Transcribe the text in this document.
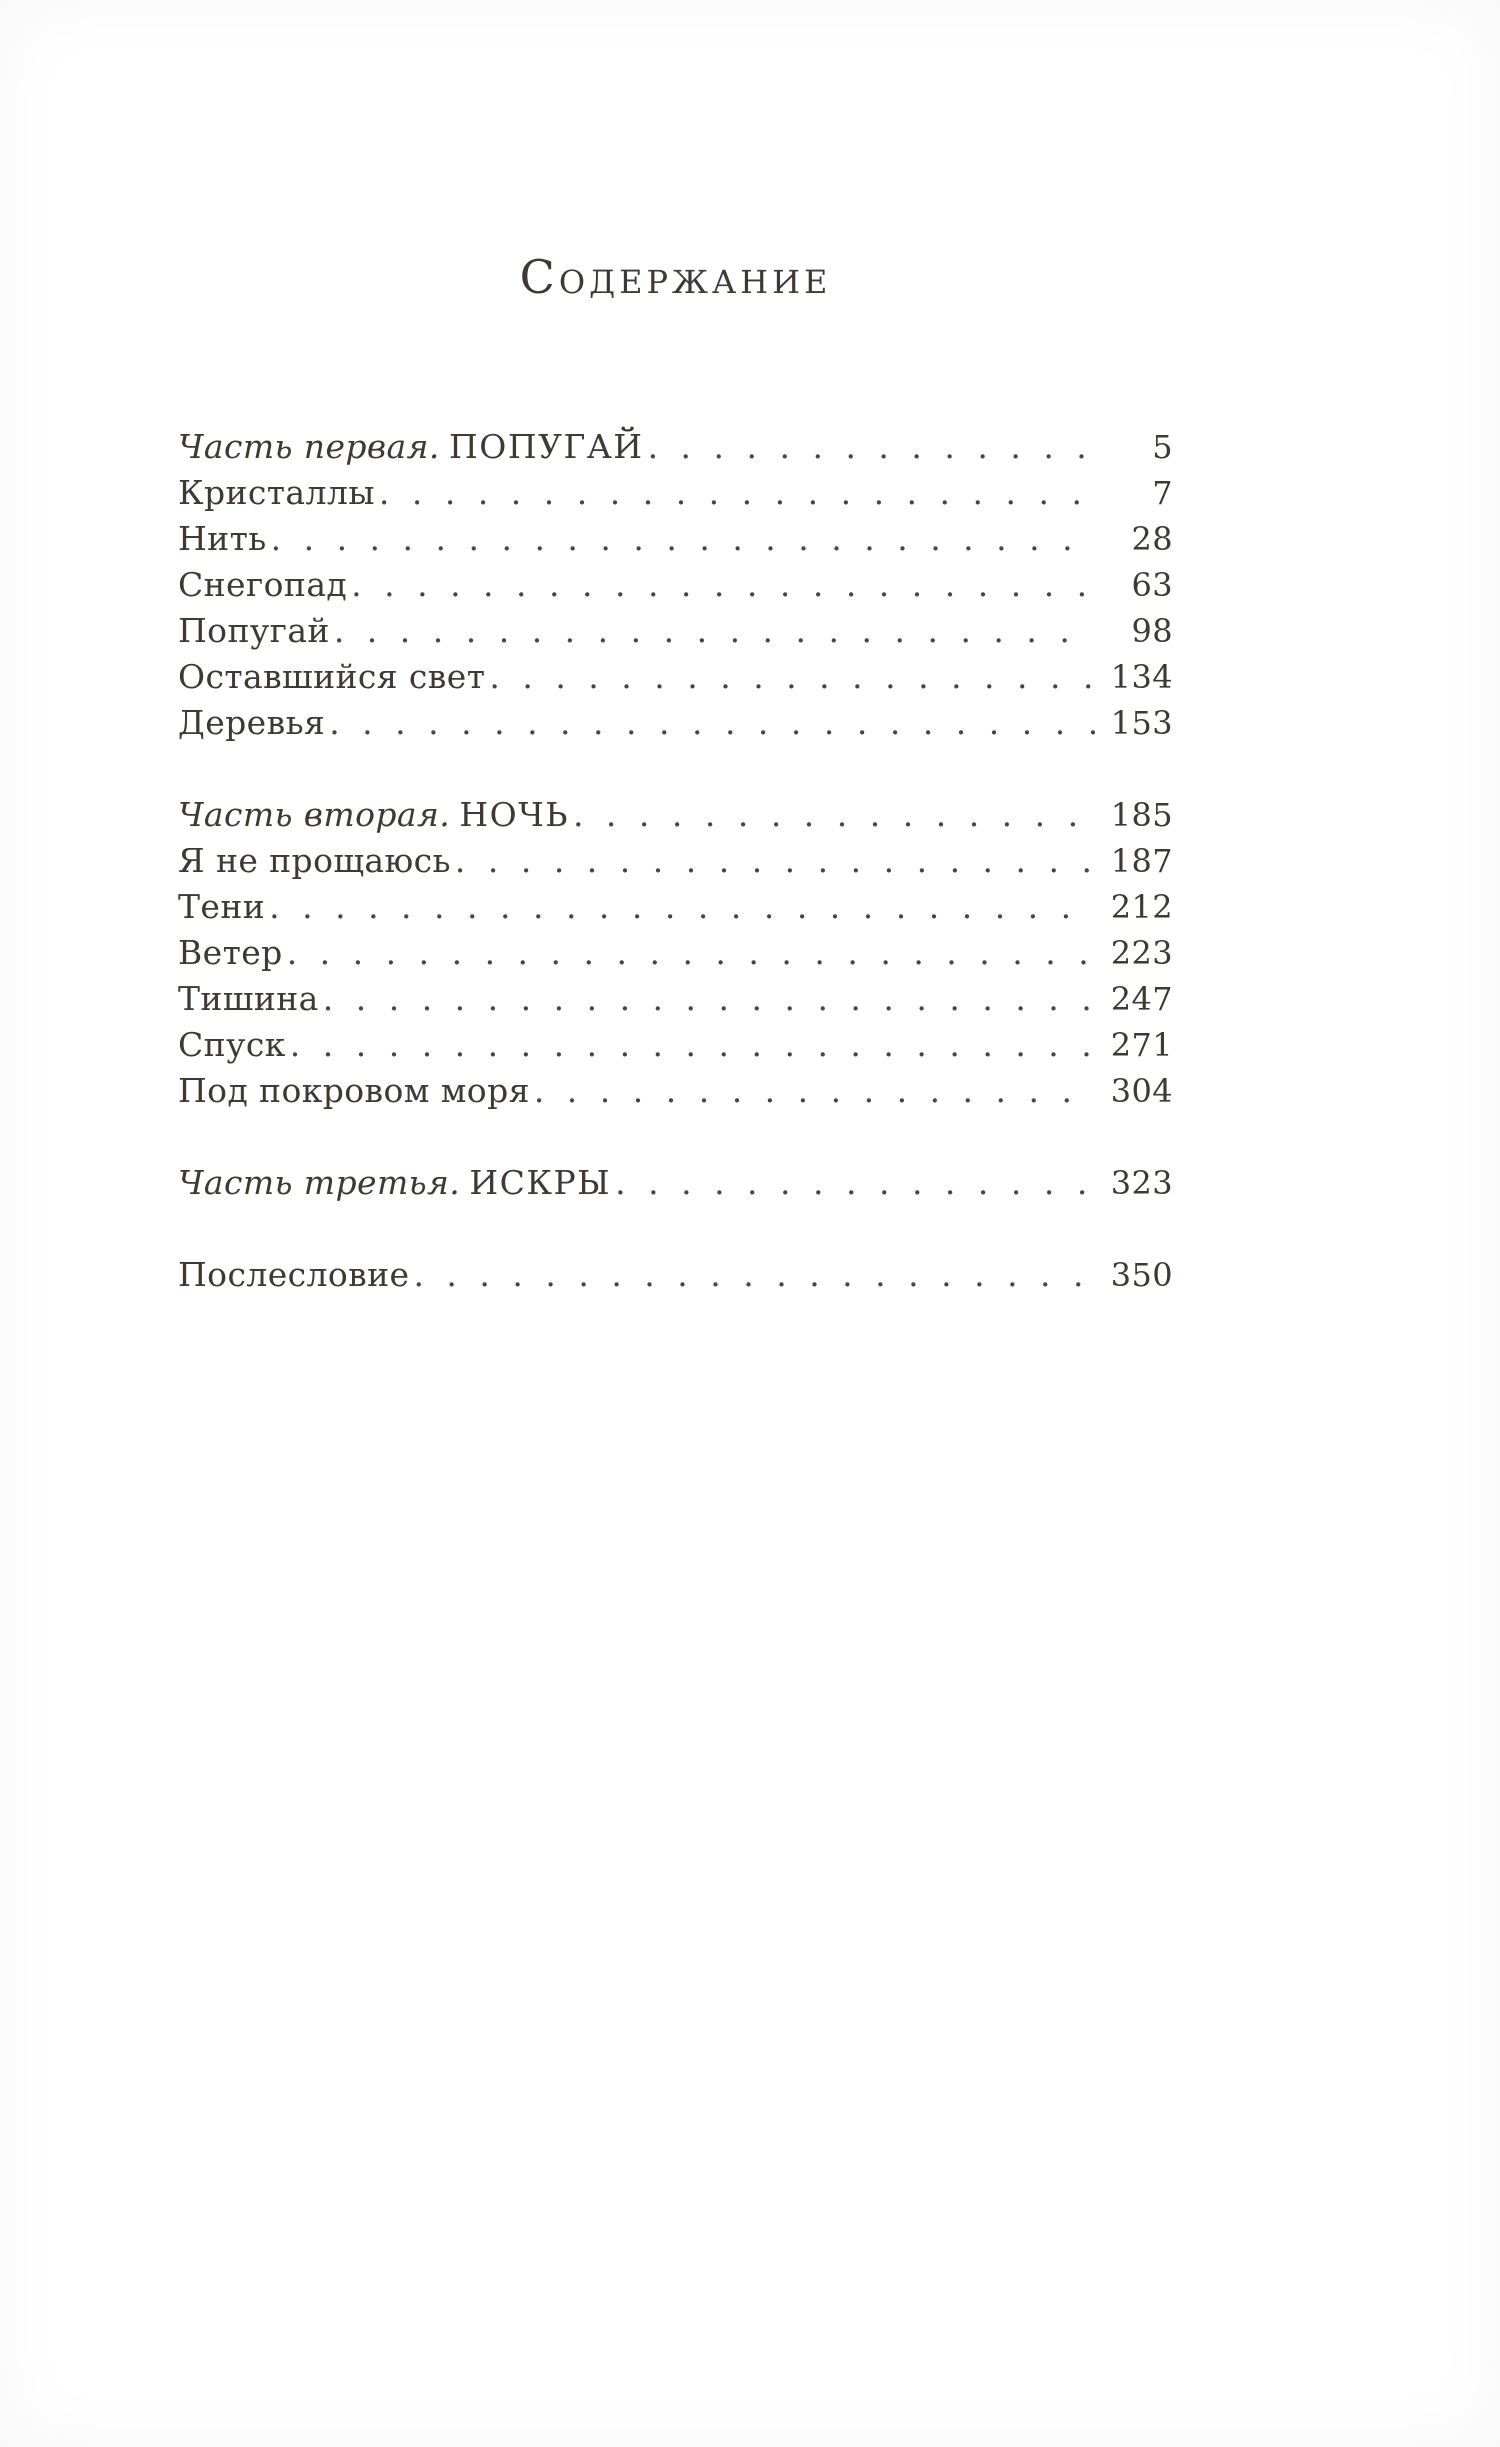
Содержание
Часть первая. ПОПУГАЙ . . .	5
Кристаллы . . .	7
Нить . . .	28
Снегопад . . .	63
Попугай . . .	98
Оставшийся свет . . .	134
Деревья . . .	153
Часть вторая. НОЧЬ . . .	185
Я не прощаюсь . . .	187
Тени . . .	212
Ветер . . .	223
Тишина . . .	247
Спуск . . .	271
Под покровом моря . . .	304
Часть третья. ИСКРЫ . . .	323
Послесловие . . .	350
